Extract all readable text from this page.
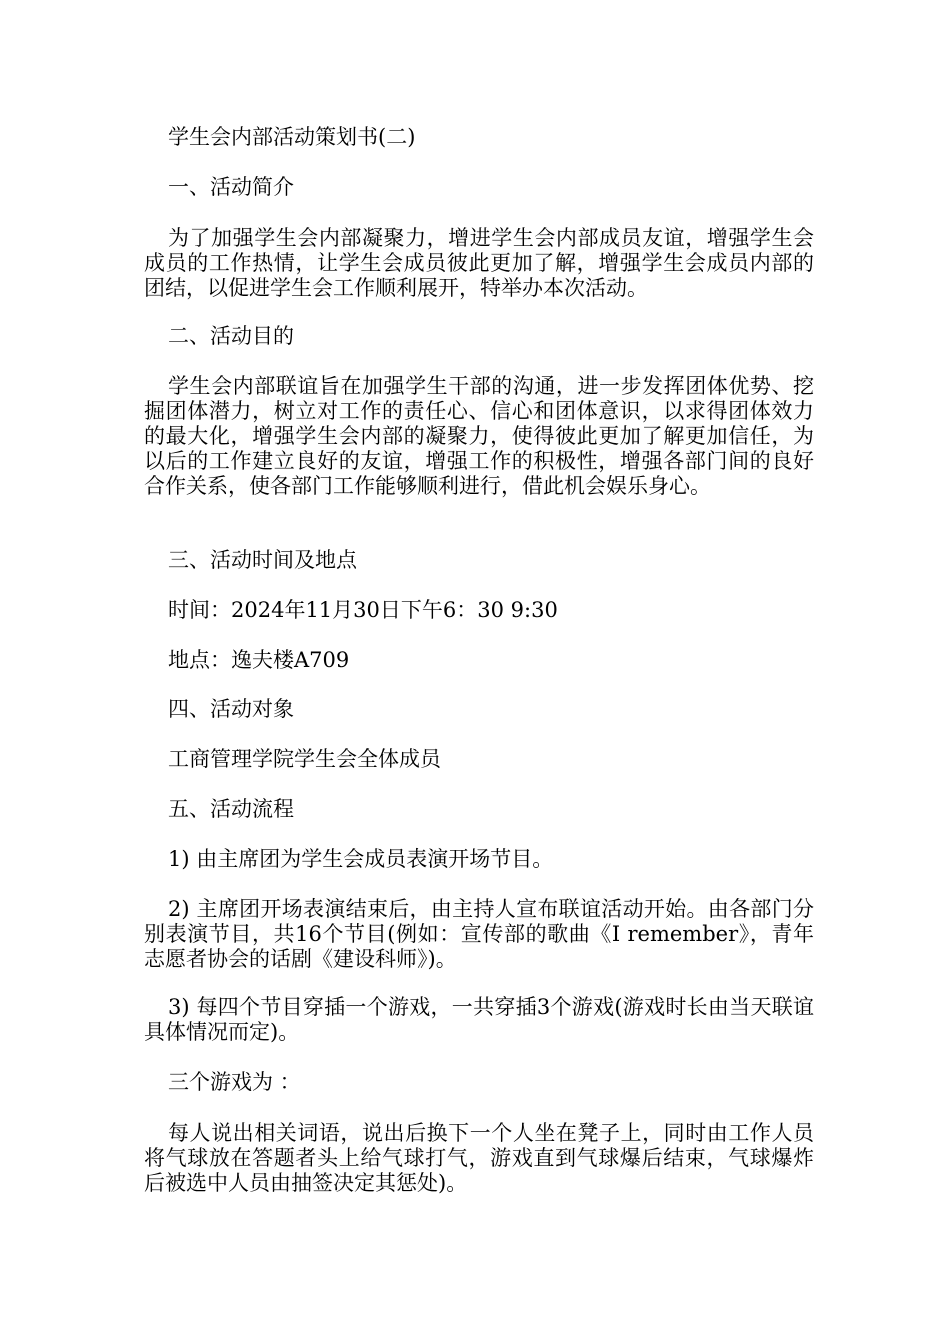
学生会内部活动策划书(二)
一、活动简介
为了加强学生会内部凝聚力，增进学生会内部成员友谊，增强学生会成员的工作热情，让学生会成员彼此更加了解，增强学生会成员内部的团结，以促进学生会工作顺利展开，特举办本次活动。
二、活动目的
学生会内部联谊旨在加强学生干部的沟通，进一步发挥团体优势、挖掘团体潜力，树立对工作的责任心、信心和团体意识，以求得团体效力的最大化，增强学生会内部的凝聚力，使得彼此更加了解更加信任，为以后的工作建立良好的友谊，增强工作的积极性，增强各部门间的良好合作关系，使各部门工作能够顺利进行，借此机会娱乐身心。
三、活动时间及地点
时间：2024年11月30日下午6：30 9:30
地点：逸夫楼A709
四、活动对象
工商管理学院学生会全体成员
五、活动流程
1) 由主席团为学生会成员表演开场节目。
2) 主席团开场表演结束后，由主持人宣布联谊活动开始。由各部门分别表演节目，共16个节目(例如：宣传部的歌曲《I remember》，青年志愿者协会的话剧《建设科师》)。
3) 每四个节目穿插一个游戏，一共穿插3个游戏(游戏时长由当天联谊具体情况而定)。
三个游戏为 ：
每人说出相关词语，说出后换下一个人坐在凳子上，同时由工作人员将气球放在答题者头上给气球打气，游戏直到气球爆后结束，气球爆炸后被选中人员由抽签决定其惩处)。
